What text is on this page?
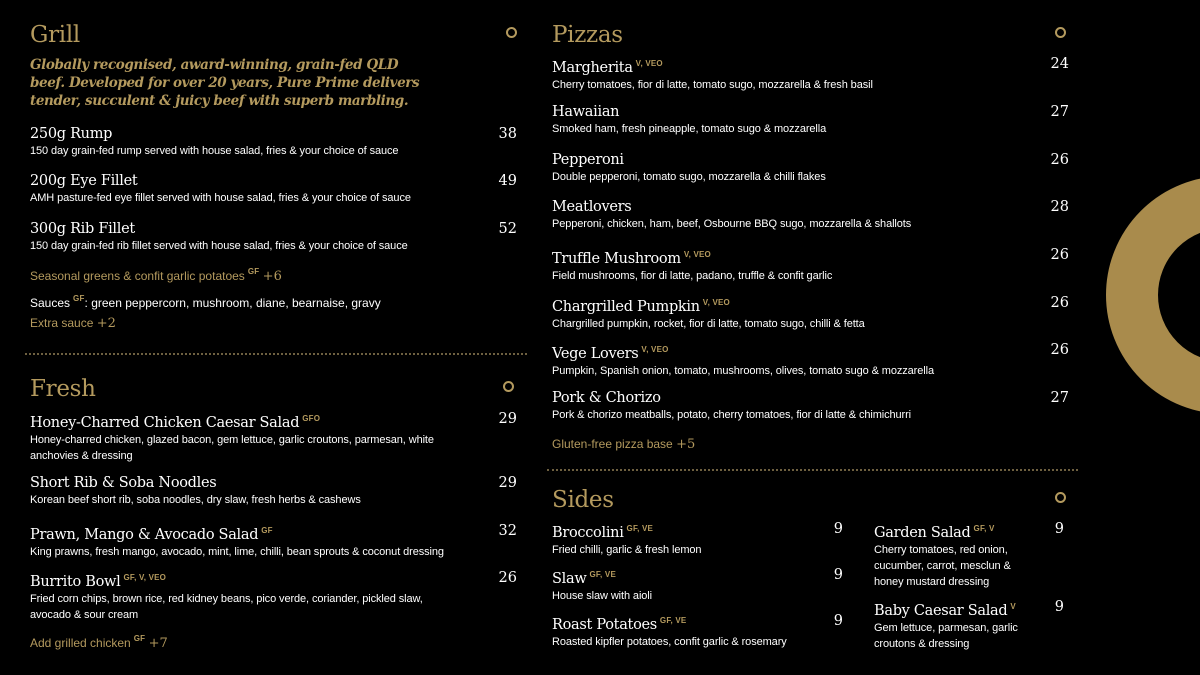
Grill
Globally recognised, award-winning, grain-fed QLD beef. Developed for over 20 years, Pure Prime delivers tender, succulent & juicy beef with superb marbling.
250g Rump	38
150 day grain-fed rump served with house salad, fries & your choice of sauce
200g Eye Fillet	49
AMH pasture-fed eye fillet served with house salad, fries & your choice of sauce
300g Rib Fillet	52
150 day grain-fed rib fillet served with house salad, fries & your choice of sauce
Seasonal greens & confit garlic potatoes $^{GF}$ +6
Sauces $^{GF}$: green peppercorn, mushroom, diane, bearnaise, gravy
Extra sauce +2
Fresh
Honey-Charred Chicken Caesar Salad $^{GFO}$	29
Honey-charred chicken, glazed bacon, gem lettuce, garlic croutons, parmesan, white anchovies & dressing
Short Rib & Soba Noodles	29
Korean beef short rib, soba noodles, dry slaw, fresh herbs & cashews
Prawn, Mango & Avocado Salad $^{GF}$	32
King prawns, fresh mango, avocado, mint, lime, chilli, bean sprouts & coconut dressing
Burrito Bowl $^{GF, V, VEO}$	26
Fried corn chips, brown rice, red kidney beans, pico verde, coriander, pickled slaw, avocado & sour cream
Add grilled chicken $^{GF}$ +7
Pizzas
Margherita $^{V, VEO}$	24
Cherry tomatoes, fior di latte, tomato sugo, mozzarella & fresh basil
Hawaiian	27
Smoked ham, fresh pineapple, tomato sugo & mozzarella
Pepperoni	26
Double pepperoni, tomato sugo, mozzarella & chilli flakes
Meatlovers	28
Pepperoni, chicken, ham, beef, Osbourne BBQ sugo, mozzarella & shallots
Truffle Mushroom $^{V, VEO}$	26
Field mushrooms, fior di latte, padano, truffle & confit garlic
Chargrilled Pumpkin $^{V, VEO}$	26
Chargrilled pumpkin, rocket, fior di latte, tomato sugo, chilli & fetta
Vege Lovers $^{V, VEO}$	26
Pumpkin, Spanish onion, tomato, mushrooms, olives, tomato sugo & mozzarella
Pork & Chorizo	27
Pork & chorizo meatballs, potato, cherry tomatoes, fior di latte & chimichurri
Gluten-free pizza base +5
Sides
Broccolini $^{GF, VE}$	9
Fried chilli, garlic & fresh lemon
Slaw $^{GF, VE}$	9
House slaw with aioli
Roast Potatoes $^{GF, VE}$	9
Roasted kipfler potatoes, confit garlic & rosemary
Garden Salad $^{GF, V}$	9
Cherry tomatoes, red onion, cucumber, carrot, mesclun & honey mustard dressing
Baby Caesar Salad $^V$	9
Gem lettuce, parmesan, garlic croutons & dressing
